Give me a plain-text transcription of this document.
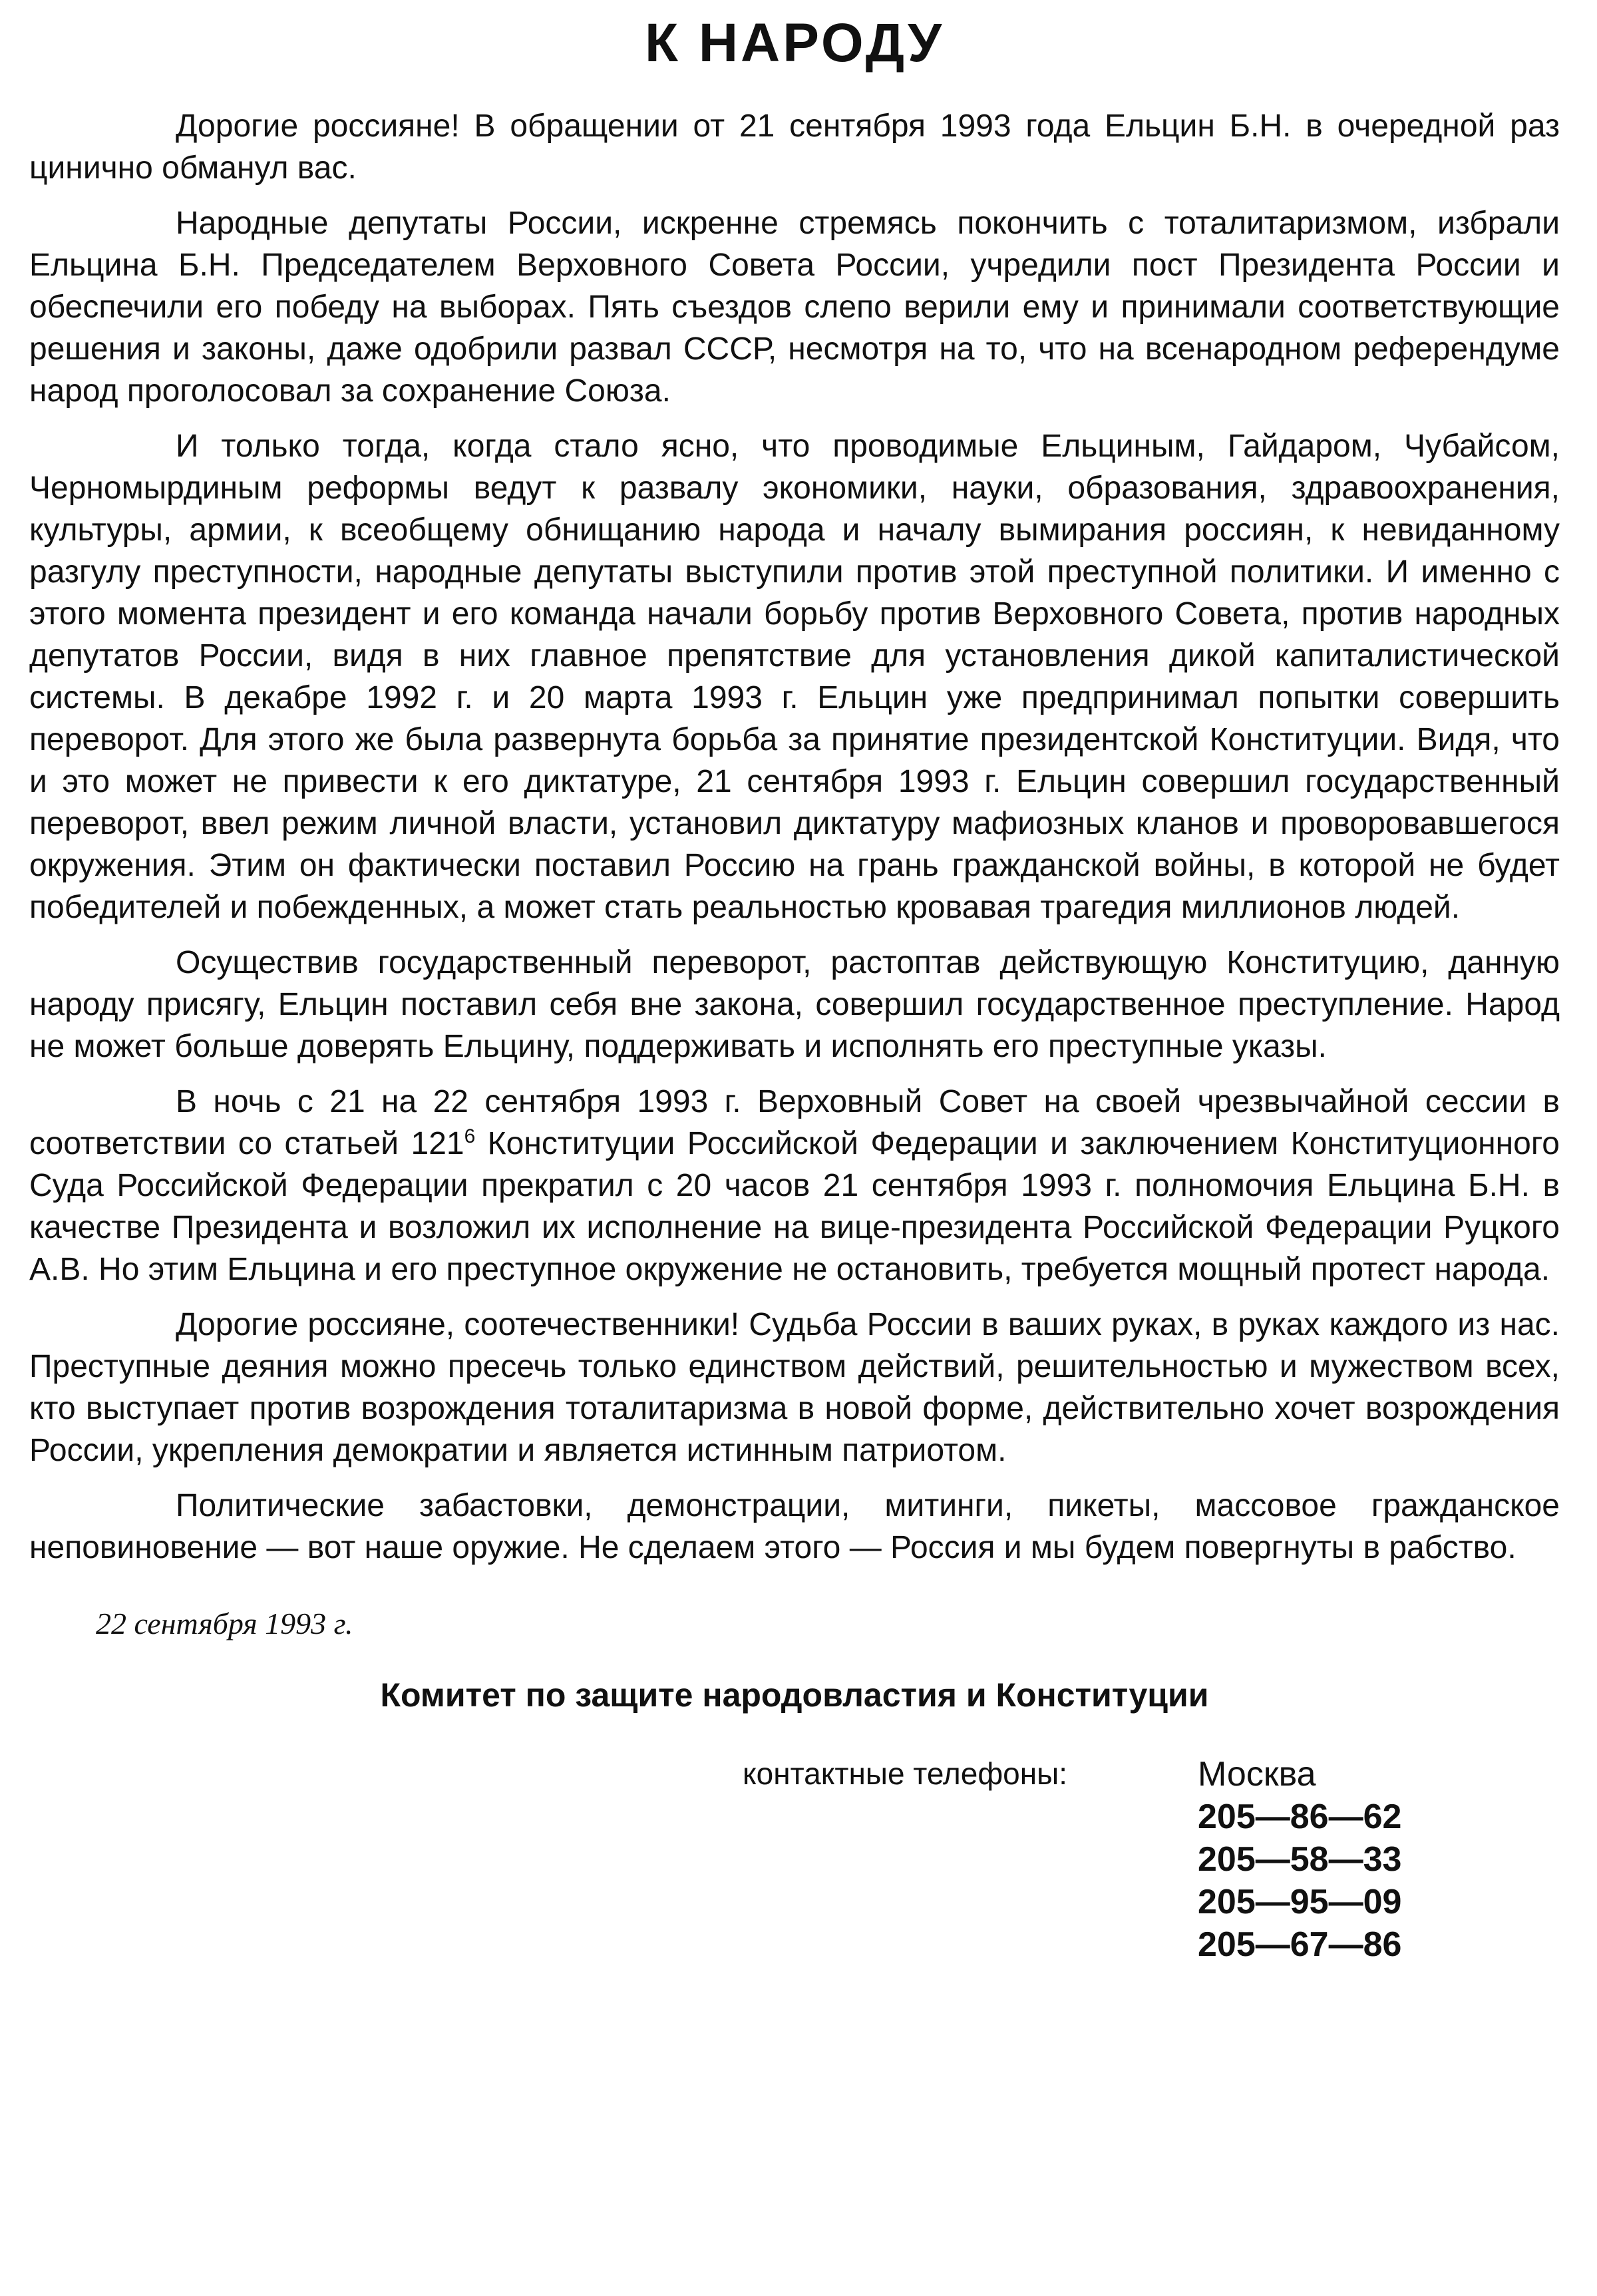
К НАРОДУ

Дорогие россияне! В обращении от 21 сентября 1993 года Ельцин Б.Н. в очередной раз цинично обманул вас.

Народные депутаты России, искренне стремясь покончить с тоталитаризмом, избрали Ельцина Б.Н. Председателем Верховного Совета России, учредили пост Президента России и обеспечили его победу на выборах. Пять съездов слепо верили ему и принимали соответствующие решения и законы, даже одобрили развал СССР, несмотря на то, что на всенародном референдуме народ проголосовал за сохранение Союза.

И только тогда, когда стало ясно, что проводимые Ельциным, Гайдаром, Чубайсом, Черномырдиным реформы ведут к развалу экономики, науки, образования, здравоохранения, культуры, армии, к всеобщему обнищанию народа и началу вымирания россиян, к невиданному разгулу преступности, народные депутаты выступили против этой преступной политики. И именно с этого момента президент и его команда начали борьбу против Верховного Совета, против народных депутатов России, видя в них главное препятствие для установления дикой капиталистической системы. В декабре 1992 г. и 20 марта 1993 г. Ельцин уже предпринимал попытки совершить переворот. Для этого же была развернута борьба за принятие президентской Конституции. Видя, что и это может не привести к его диктатуре, 21 сентября 1993 г. Ельцин совершил государственный переворот, ввел режим личной власти, установил диктатуру мафиозных кланов и проворовавшегося окружения. Этим он фактически поставил Россию на грань гражданской войны, в которой не будет победителей и побежденных, а может стать реальностью кровавая трагедия миллионов людей.

Осуществив государственный переворот, растоптав действующую Конституцию, данную народу присягу, Ельцин поставил себя вне закона, совершил государственное преступление. Народ не может больше доверять Ельцину, поддерживать и исполнять его преступные указы.

В ночь с 21 на 22 сентября 1993 г. Верховный Совет на своей чрезвычайной сессии в соответствии со статьей $121^6$ Конституции Российской Федерации и заключением Конституционного Суда Российской Федерации прекратил с 20 часов 21 сентября 1993 г. полномочия Ельцина Б.Н. в качестве Президента и возложил их исполнение на вице-президента Российской Федерации Руцкого А.В. Но этим Ельцина и его преступное окружение не остановить, требуется мощный протест народа.

Дорогие россияне, соотечественники! Судьба России в ваших руках, в руках каждого из нас. Преступные деяния можно пресечь только единством действий, решительностью и мужеством всех, кто выступает против возрождения тоталитаризма в новой форме, действительно хочет возрождения России, укрепления демократии и является истинным патриотом.

Политические забастовки, демонстрации, митинги, пикеты, массовое гражданское неповиновение — вот наше оружие. Не сделаем этого — Россия и мы будем повергнуты в рабство.

22 сентября 1993 г.
Комитет по защите народовластия и Конституции
контактные телефоны:	Москва
205—86—62
205—58—33
205—95—09
205—67—86
